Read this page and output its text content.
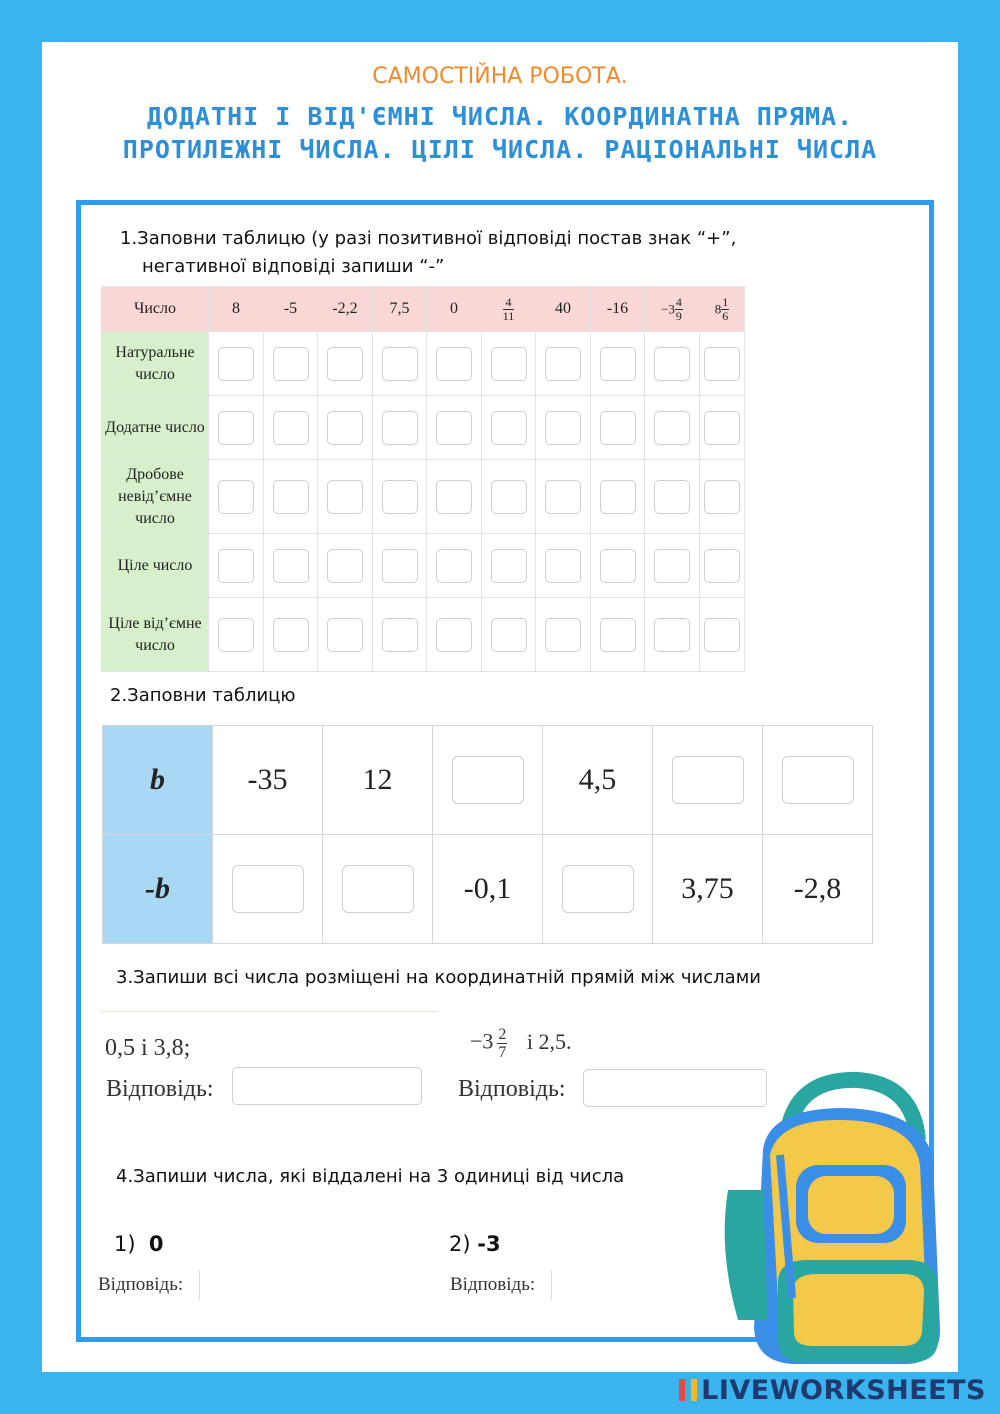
САМОСТІЙНА РОБОТА.
ДОДАТНІ І ВІД'ЄМНІ ЧИСЛА. КООРДИНАТНА ПРЯМА. ПРОТИЛЕЖНІ ЧИСЛА. ЦІЛІ ЧИСЛА. РАЦІОНАЛЬНІ ЧИСЛА
1.Заповни таблицю (у разі позитивної відповіді постав знак “+”,
негативної відповіді запиши “-”
Число	8	-5	-2,2	7,5	0	$\frac{4}{11}$	40	-16	$-3 \frac{4}{9}$	$8 \frac{1}{6}$

Натуральне число										
Додатне число										
Дробове невід’ємне число										
Ціле число										
Ціле від’ємне число										
2.Заповни таблицю
b	-35	12		4,5		
-b			-0,1		3,75	-2,8
3.Запиши всі числа розміщені на координатній прямій між числами
0,5 і 3,8;
Відповідь:
$-3 \frac{2}{7}$ і 2,5.
Відповідь:
4.Запиши числа, які віддалені на 3 одиниці від числа
1) 0	2) -3
Відповідь:	Відповідь:
LIVEWORKSHEETS
